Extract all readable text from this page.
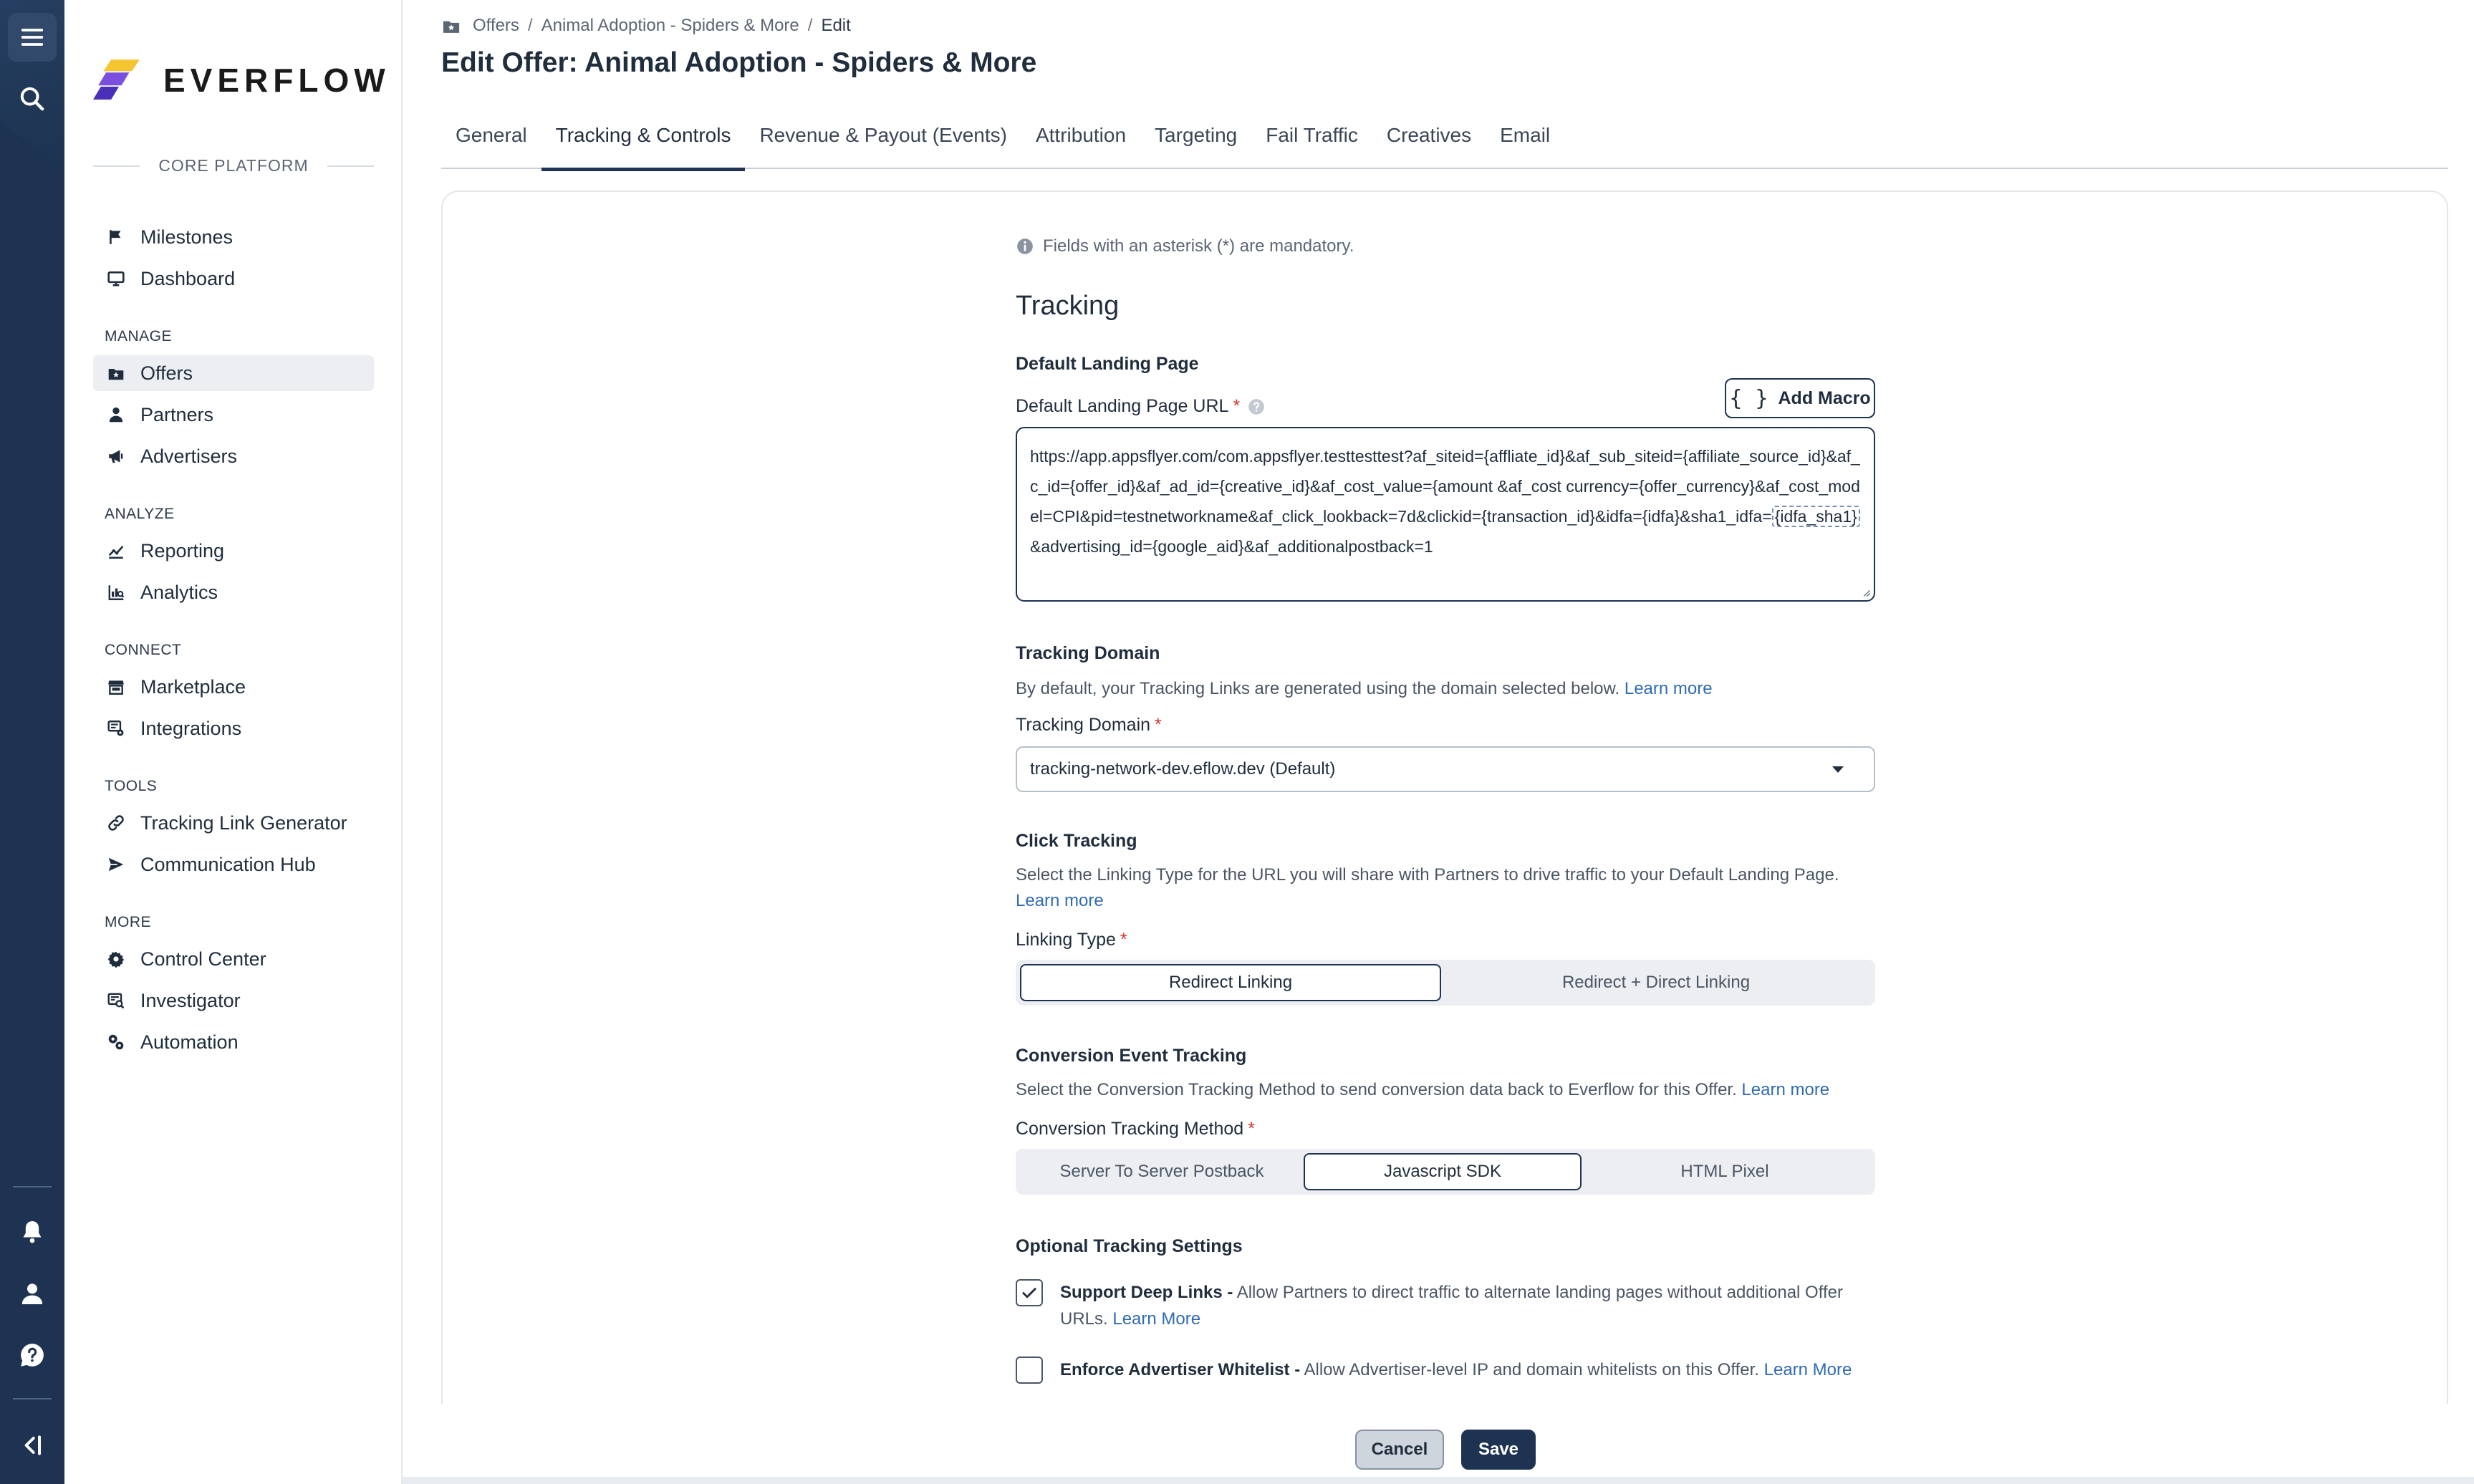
EVERFLOW
CORE PLATFORM
Milestones
Dashboard
MANAGE
Offers
Partners
Advertisers
ANALYZE
Reporting
Analytics
CONNECT
Marketplace
Integrations
TOOLS
Tracking Link Generator
Communication Hub
MORE
Control Center
Investigator
Automation
Offers / Animal Adoption - Spiders & More / Edit
Edit Offer: Animal Adoption - Spiders & More
General	Tracking & Controls	Revenue & Payout (Events)	Attribution	Targeting	Fail Traffic	Creatives	Email
Fields with an asterisk (*) are mandatory.
Tracking
Default Landing Page
Default Landing Page URL *	{ } Add Macro
https://app.appsflyer.com/com.appsflyer.testtesttest?af_siteid={affliate_id}&af_sub_siteid={affiliate_source_id}&af_c_id={offer_id}&af_ad_id={creative_id}&af_cost_value={amount &af_cost currency={offer_currency}&af_cost_model=CPI&pid=testnetworkname&af_click_lookback=7d&clickid={transaction_id}&idfa={idfa}&sha1_idfa= {idfa_sha1}&advertising_id={google_aid}&af_additionalpostback=1
Tracking Domain
By default, your Tracking Links are generated using the domain selected below. Learn more
Tracking Domain *
tracking-network-dev.eflow.dev (Default)
Click Tracking
Select the Linking Type for the URL you will share with Partners to drive traffic to your Default Landing Page. Learn more
Linking Type *
Redirect Linking	Redirect + Direct Linking
Conversion Event Tracking
Select the Conversion Tracking Method to send conversion data back to Everflow for this Offer. Learn more
Conversion Tracking Method *
Server To Server Postback	Javascript SDK	HTML Pixel
Optional Tracking Settings
Support Deep Links - Allow Partners to direct traffic to alternate landing pages without additional Offer URLs. Learn More
Enforce Advertiser Whitelist - Allow Advertiser-level IP and domain whitelists on this Offer. Learn More
Cancel	Save
